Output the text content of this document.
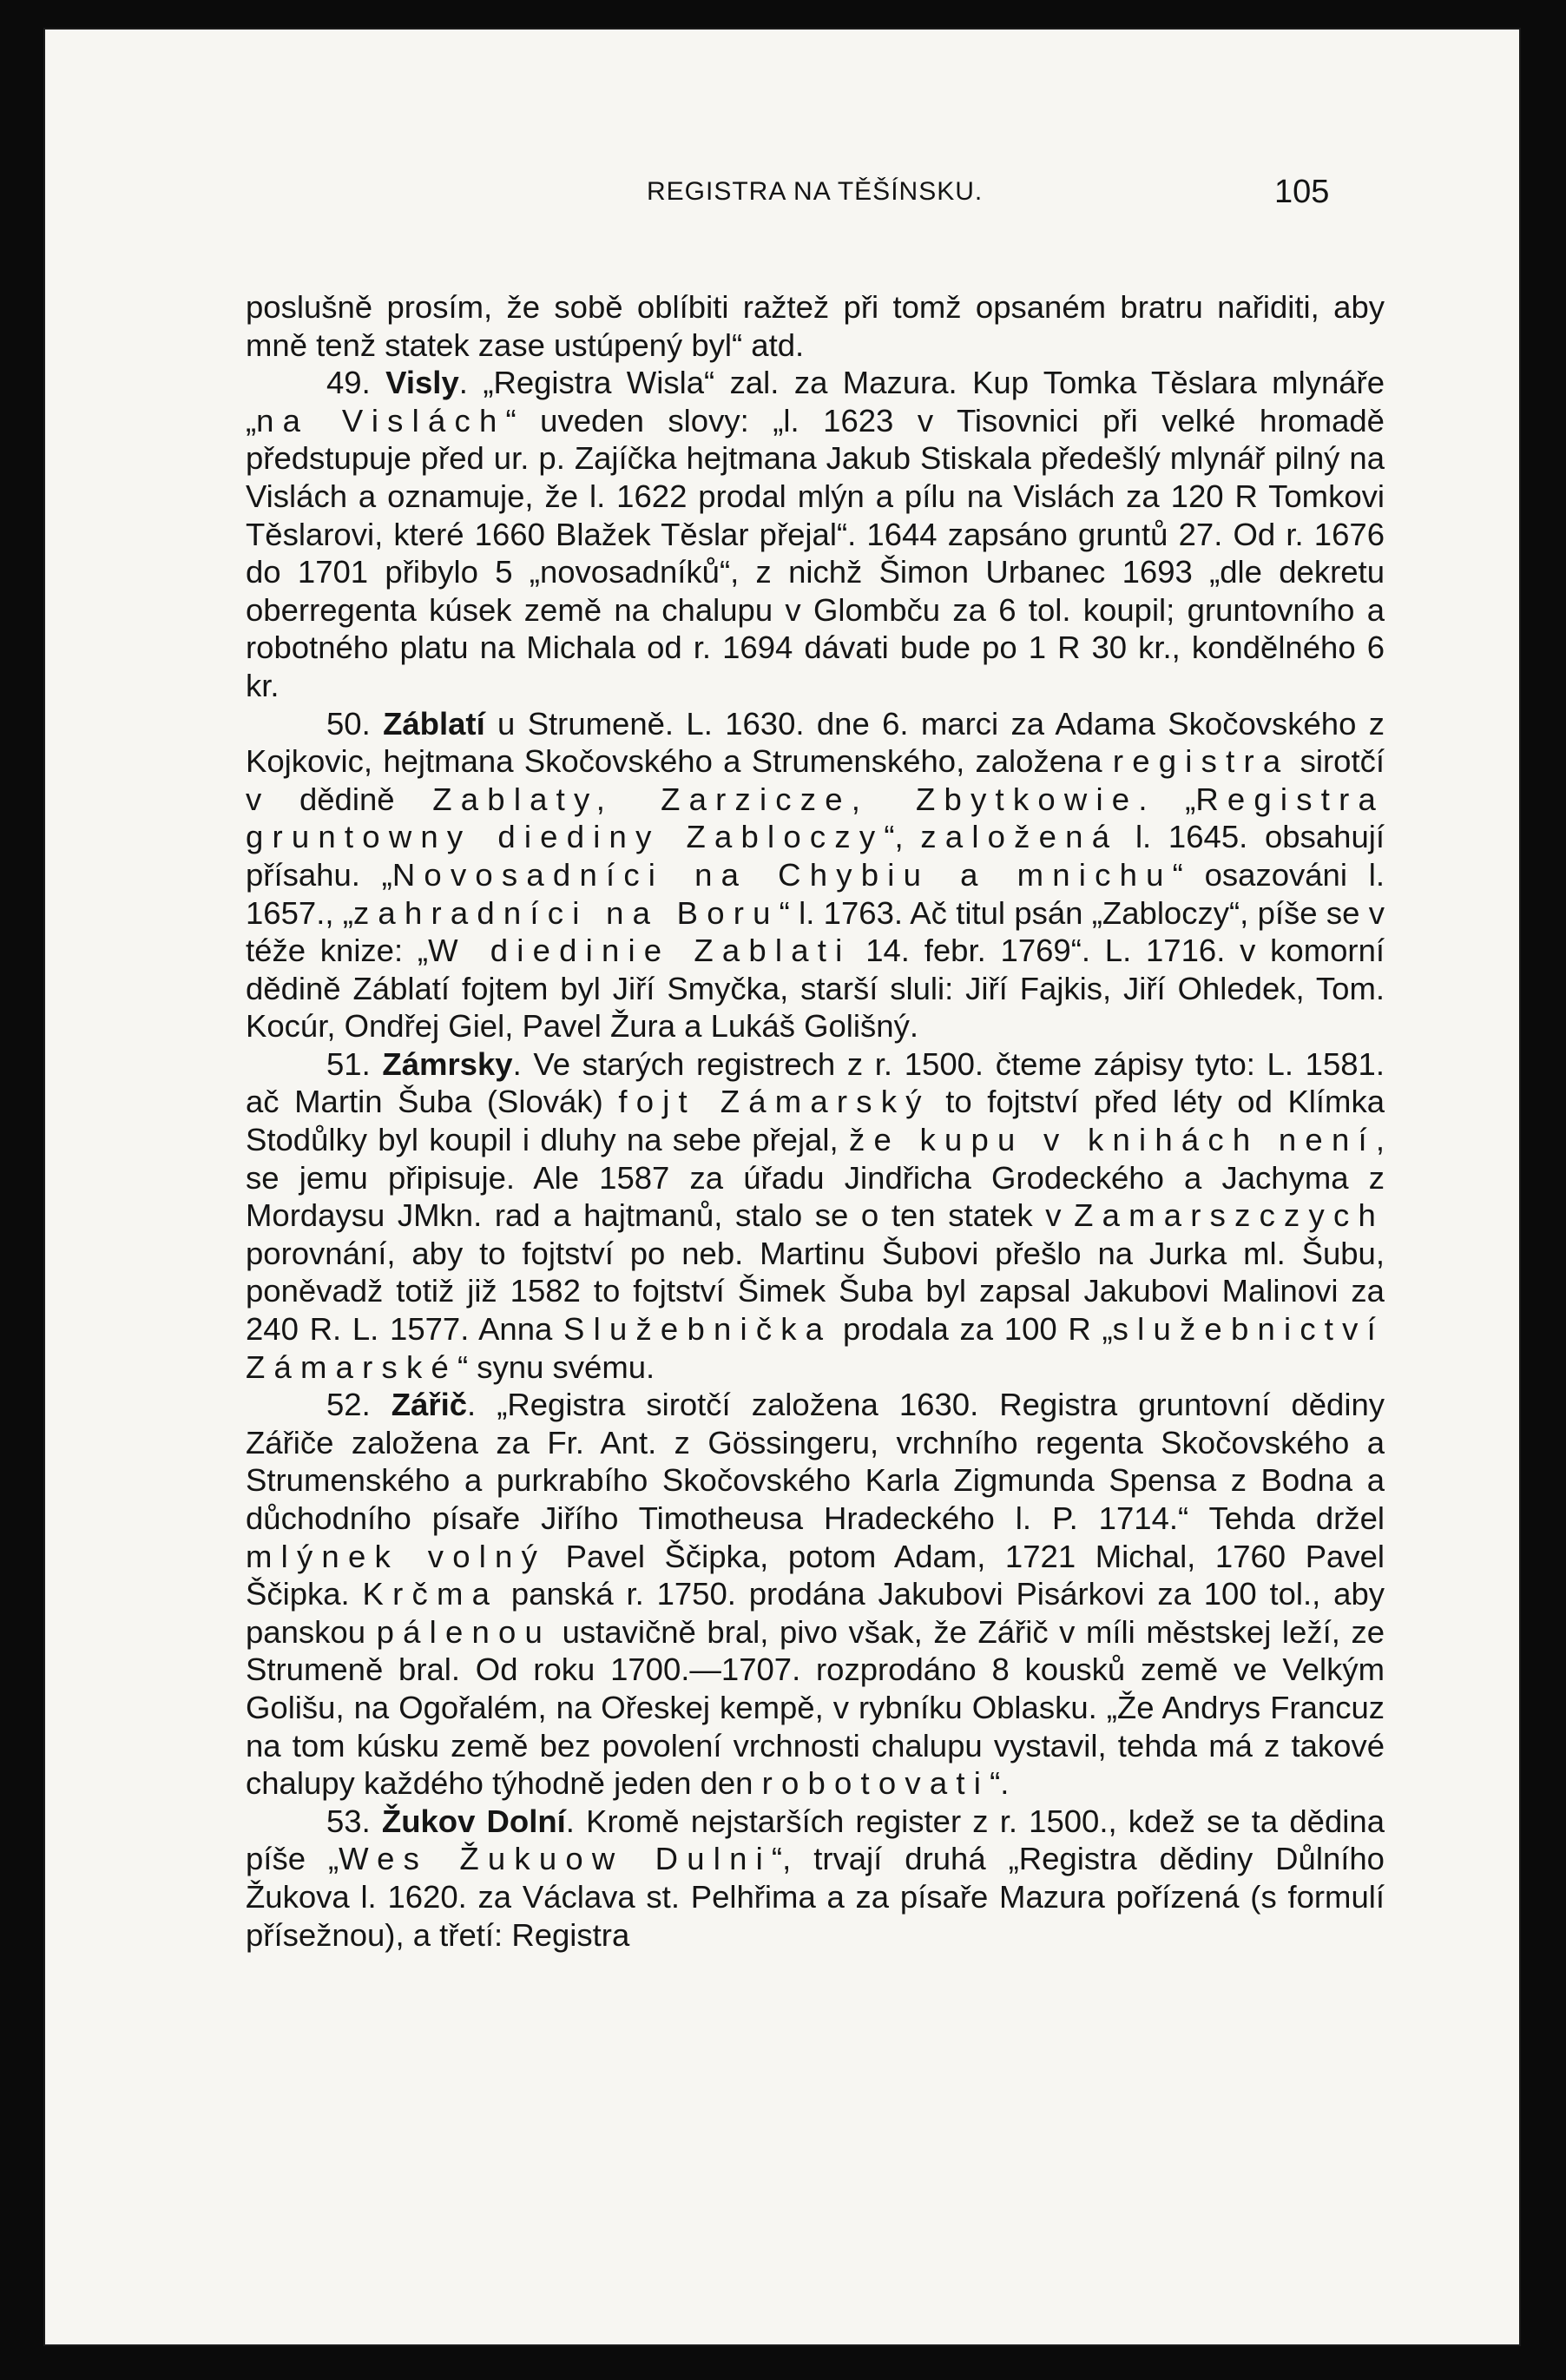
REGISTRA NA TĚŠÍNSKU.	105

poslušně prosím, že sobě oblíbiti ražtež při tomž opsaném bratru nařiditi, aby mně tenž statek zase ustúpený byl“ atd.

49. Visly. „Registra Wisla“ zal. za Mazura. Kup Tomka Těslara mlynáře „na Vislách“ uveden slovy: „l. 1623 v Tisovnici při velké hromadě předstupuje před ur. p. Zajíčka hejtmana Jakub Stiskala předešlý mlynář pilný na Vislách a oznamuje, že l. 1622 prodal mlýn a pílu na Vislách za 120 R Tomkovi Těslarovi, které 1660 Blažek Těslar přejal“. 1644 zapsáno gruntů 27. Od r. 1676 do 1701 přibylo 5 „novosadníků“, z nichž Šimon Urbanec 1693 „dle dekretu oberregenta kúsek země na chalupu v Glombču za 6 tol. koupil; gruntovního a robotného platu na Michala od r. 1694 dávati bude po 1 R 30 kr., kondělného 6 kr.

50. Záblatí u Strumeně. L. 1630. dne 6. marci za Adama Skočovského z Kojkovic, hejtmana Skočovského a Strumenského, založena registra sirotčí v dědině Zablaty, Zarzicze, Zbytkowie. „Registra gruntowny diediny Zabloczy“, založená l. 1645. obsahují přísahu. „Novosadníci na Chybiu a mnichu“ osazováni l. 1657., „zahradníci na Boru“ l. 1763. Ač titul psán „Zabloczy“, píše se v téže knize: „W diedinie Zablati 14. febr. 1769“. L. 1716. v komorní dědině Záblatí fojtem byl Jiří Smyčka, starší sluli: Jiří Fajkis, Jiří Ohledek, Tom. Kocúr, Ondřej Giel, Pavel Žura a Lukáš Golišný.

51. Zámrsky. Ve starých registrech z r. 1500. čteme zápisy tyto: L. 1581. ač Martin Šuba (Slovák) fojt Zámarský to fojtství před léty od Klímka Stodůlky byl koupil i dluhy na sebe přejal, že kupu v knihách není, se jemu připisuje. Ale 1587 za úřadu Jindřicha Grodeckého a Jachyma z Mordaysu JMkn. rad a hajtmanů, stalo se o ten statek v Zamarszczych porovnání, aby to fojtství po neb. Martinu Šubovi přešlo na Jurka ml. Šubu, poněvadž totiž již 1582 to fojtství Šimek Šuba byl zapsal Jakubovi Malinovi za 240 R. L. 1577. Anna Služebnička prodala za 100 R „služebnictví Zámarské“ synu svému.

52. Zářič. „Registra sirotčí založena 1630. Registra gruntovní dědiny Zářiče založena za Fr. Ant. z Gössingeru, vrchního regenta Skočovského a Strumenského a purkrabího Skočovského Karla Zigmunda Spensa z Bodna a důchodního písaře Jiřího Timotheusa Hradeckého l. P. 1714.“ Tehda držel mlýnek volný Pavel Ščipka, potom Adam, 1721 Michal, 1760 Pavel Ščipka. Krčma panská r. 1750. prodána Jakubovi Pisárkovi za 100 tol., aby panskou pálenou ustavičně bral, pivo však, že Zářič v míli městskej leží, ze Strumeně bral. Od roku 1700.—1707. rozprodáno 8 kousků země ve Velkým Golišu, na Ogořalém, na Ořeskej kempě, v rybníku Oblasku. „Že Andrys Francuz na tom kúsku země bez povolení vrchnosti chalupu vystavil, tehda má z takové chalupy každého týhodně jeden den robotovati“.

53. Žukov Dolní. Kromě nejstarších register z r. 1500., kdež se ta dědina píše „Wes Žukuow Dulni“, trvají druhá „Registra dědiny Důlního Žukova l. 1620. za Václava st. Pelhřima a za písaře Mazura pořízená (s formulí přísežnou), a třetí: Registra
